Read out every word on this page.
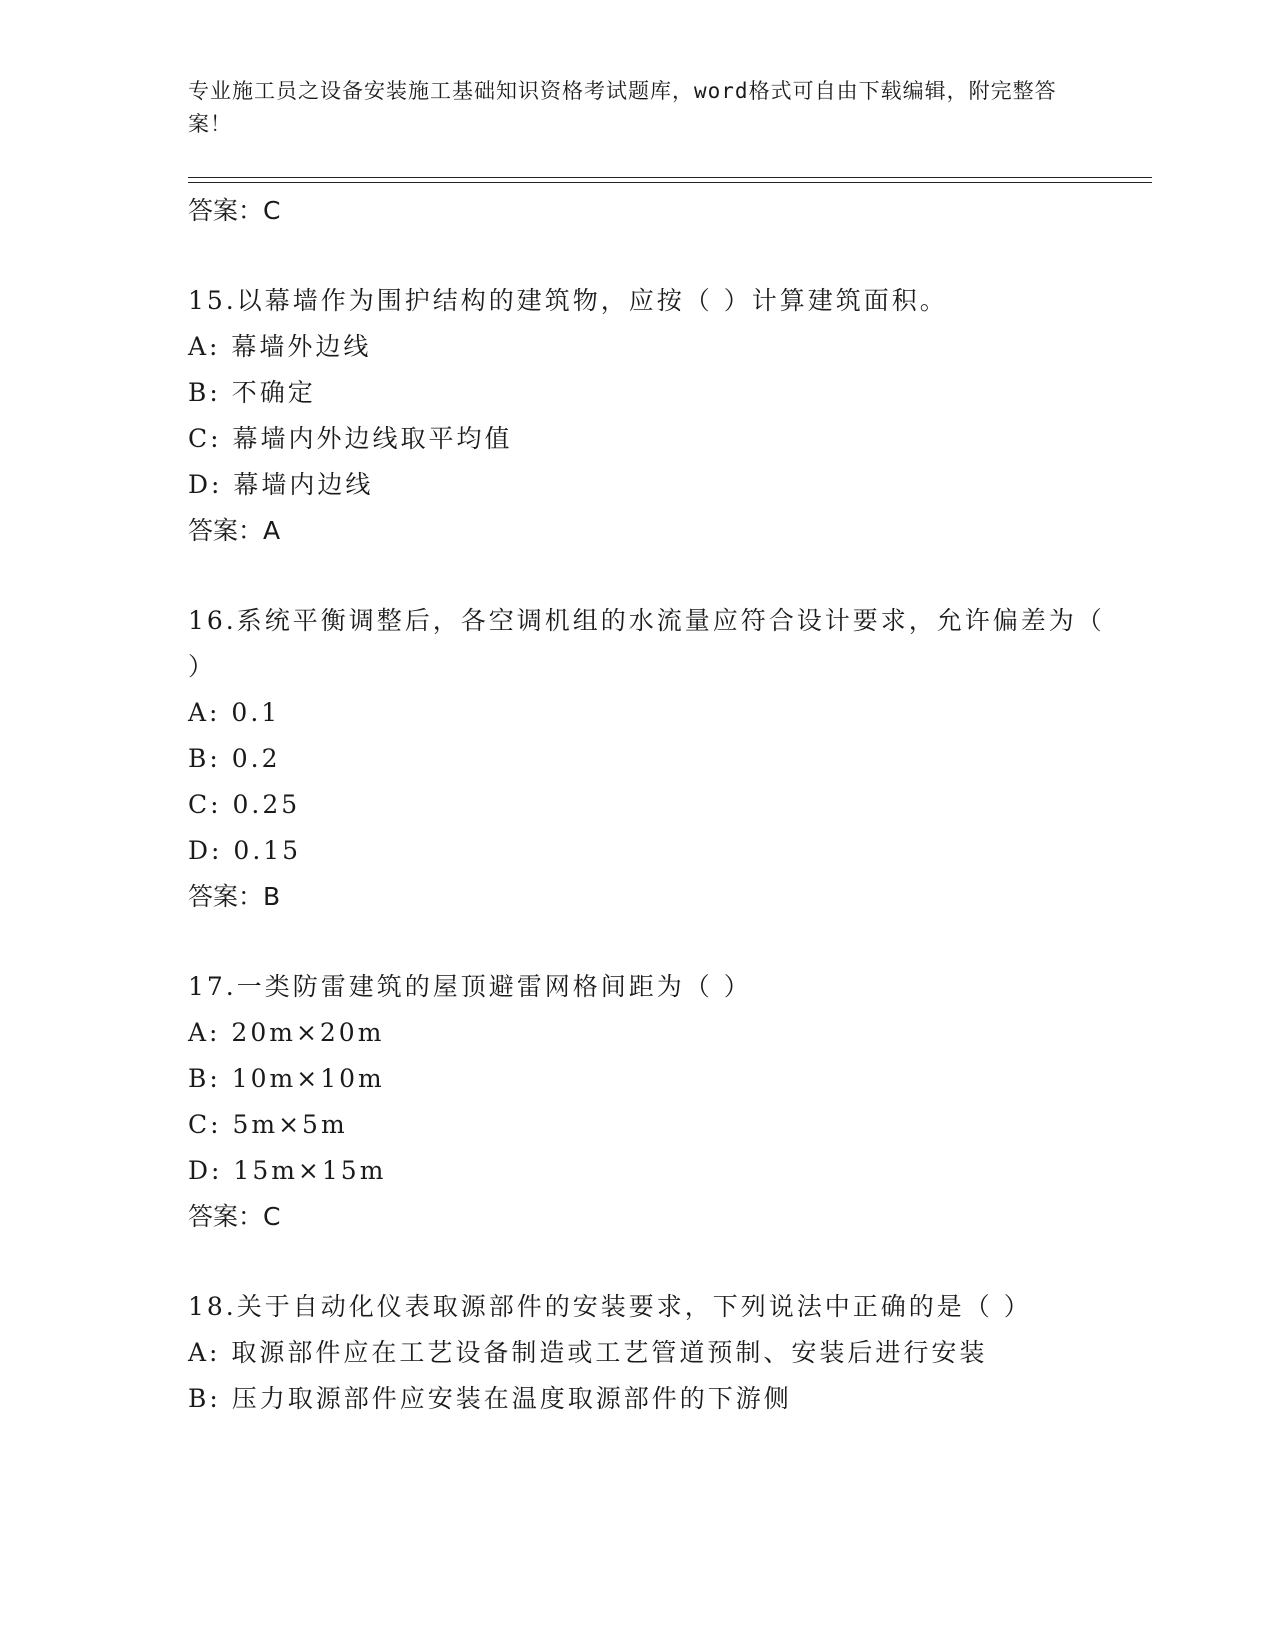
专业施工员之设备安装施工基础知识资格考试题库，word格式可自由下载编辑，附完整答案！
答案：C
15.以幕墙作为围护结构的建筑物，应按（ ）计算建筑面积。
A: 幕墙外边线
B: 不确定
C: 幕墙内外边线取平均值
D: 幕墙内边线
答案：A
16.系统平衡调整后，各空调机组的水流量应符合设计要求，允许偏差为（ ）
A: 0.1
B: 0.2
C: 0.25
D: 0.15
答案：B
17.一类防雷建筑的屋顶避雷网格间距为（ ）
A: 20m×20m
B: 10m×10m
C: 5m×5m
D: 15m×15m
答案：C
18.关于自动化仪表取源部件的安装要求，下列说法中正确的是（ ）
A: 取源部件应在工艺设备制造或工艺管道预制、安装后进行安装
B: 压力取源部件应安装在温度取源部件的下游侧
